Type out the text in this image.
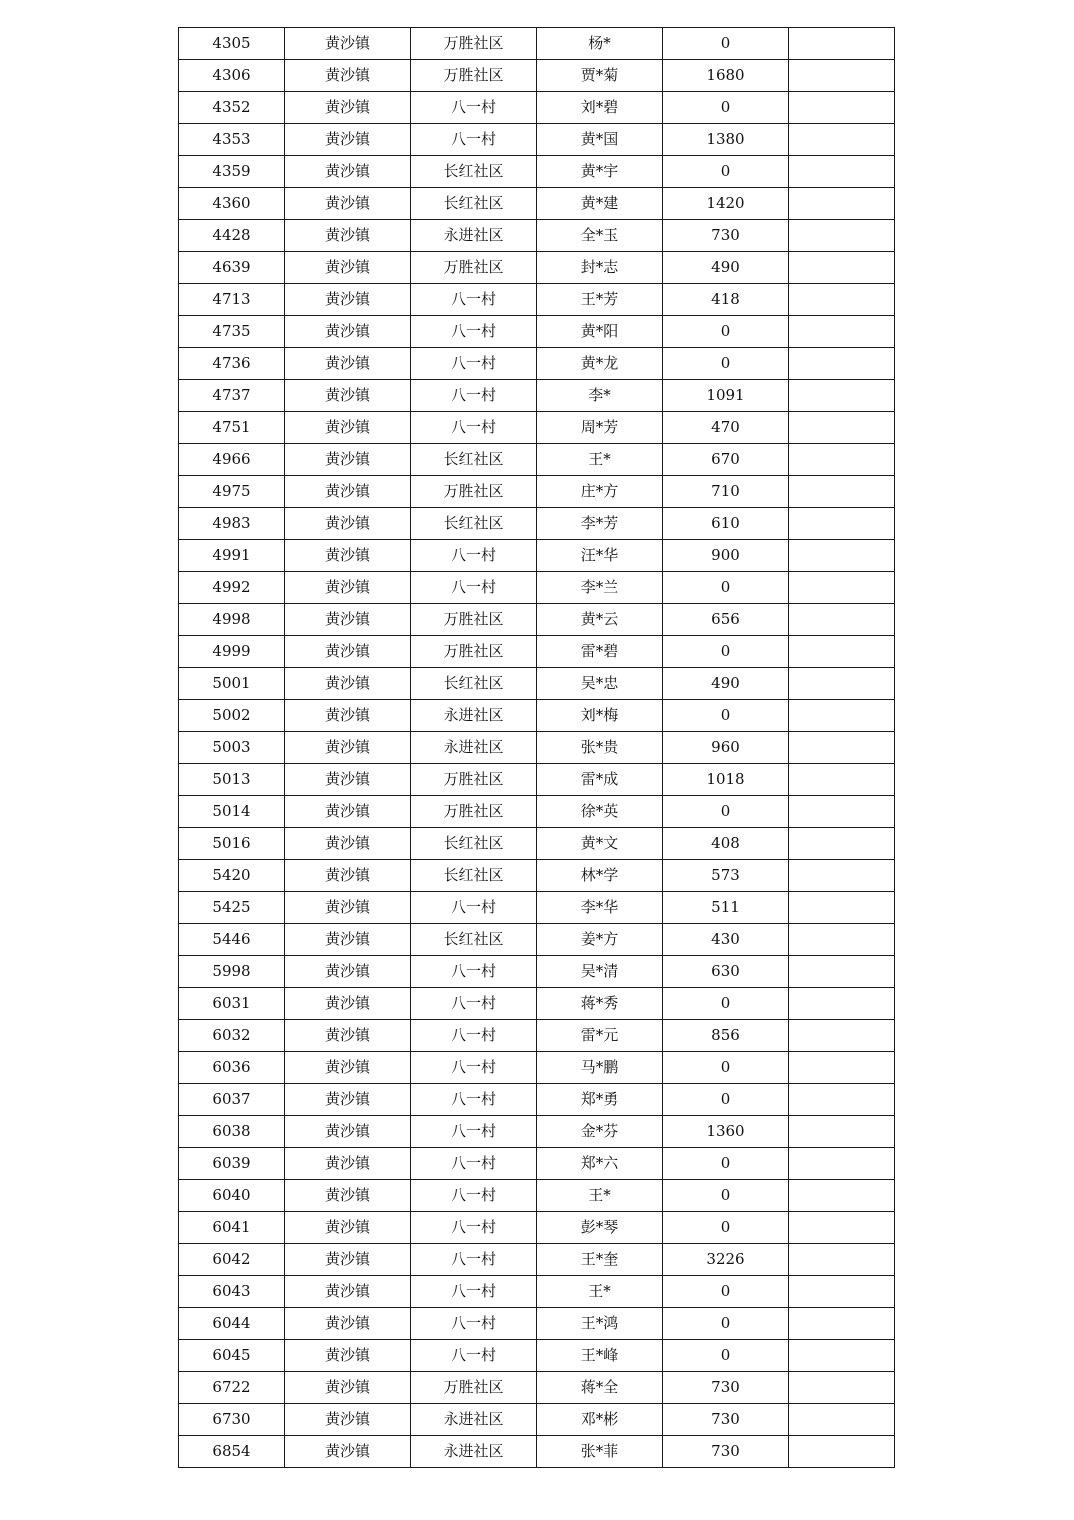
4305	黄沙镇	万胜社区	杨*	0	
4306	黄沙镇	万胜社区	贾*菊	1680	
4352	黄沙镇	八一村	刘*碧	0	
4353	黄沙镇	八一村	黄*国	1380	
4359	黄沙镇	长红社区	黄*宇	0	
4360	黄沙镇	长红社区	黄*建	1420	
4428	黄沙镇	永进社区	全*玉	730	
4639	黄沙镇	万胜社区	封*志	490	
4713	黄沙镇	八一村	王*芳	418	
4735	黄沙镇	八一村	黄*阳	0	
4736	黄沙镇	八一村	黄*龙	0	
4737	黄沙镇	八一村	李*	1091	
4751	黄沙镇	八一村	周*芳	470	
4966	黄沙镇	长红社区	王*	670	
4975	黄沙镇	万胜社区	庄*方	710	
4983	黄沙镇	长红社区	李*芳	610	
4991	黄沙镇	八一村	汪*华	900	
4992	黄沙镇	八一村	李*兰	0	
4998	黄沙镇	万胜社区	黄*云	656	
4999	黄沙镇	万胜社区	雷*碧	0	
5001	黄沙镇	长红社区	吴*忠	490	
5002	黄沙镇	永进社区	刘*梅	0	
5003	黄沙镇	永进社区	张*贵	960	
5013	黄沙镇	万胜社区	雷*成	1018	
5014	黄沙镇	万胜社区	徐*英	0	
5016	黄沙镇	长红社区	黄*文	408	
5420	黄沙镇	长红社区	林*学	573	
5425	黄沙镇	八一村	李*华	511	
5446	黄沙镇	长红社区	姜*方	430	
5998	黄沙镇	八一村	吴*清	630	
6031	黄沙镇	八一村	蒋*秀	0	
6032	黄沙镇	八一村	雷*元	856	
6036	黄沙镇	八一村	马*鹏	0	
6037	黄沙镇	八一村	郑*勇	0	
6038	黄沙镇	八一村	金*芬	1360	
6039	黄沙镇	八一村	郑*六	0	
6040	黄沙镇	八一村	王*	0	
6041	黄沙镇	八一村	彭*琴	0	
6042	黄沙镇	八一村	王*奎	3226	
6043	黄沙镇	八一村	王*	0	
6044	黄沙镇	八一村	王*鸿	0	
6045	黄沙镇	八一村	王*峰	0	
6722	黄沙镇	万胜社区	蒋*全	730	
6730	黄沙镇	永进社区	邓*彬	730	
6854	黄沙镇	永进社区	张*菲	730	
